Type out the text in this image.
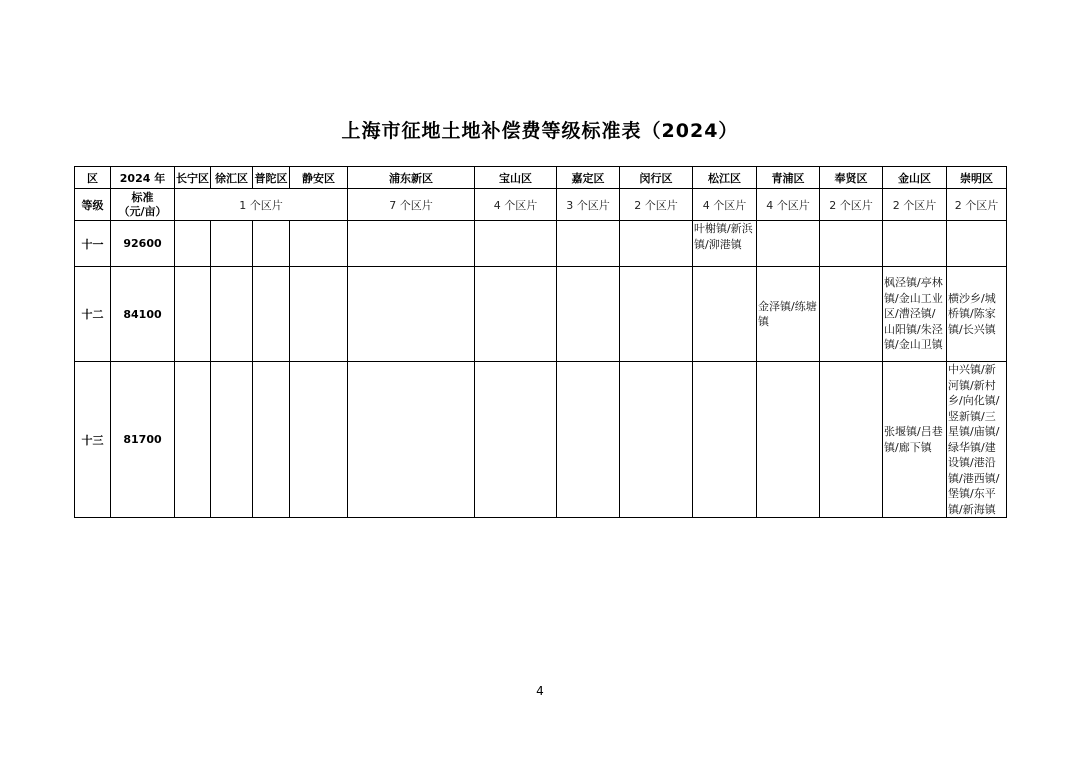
上海市征地土地补偿费等级标准表（2024）
区	2024 年	长宁区	徐汇区	普陀区	静安区	浦东新区	宝山区	嘉定区	闵行区	松江区	青浦区	奉贤区	金山区	崇明区
等级	标准
（元/亩）	1 个区片				7 个区片	4 个区片	3 个区片	2 个区片	4 个区片	4 个区片	2 个区片	2 个区片	2 个区片
十一	92600									叶榭镇/新浜镇/泖港镇				
十二	84100										金泽镇/练塘镇		枫泾镇/亭林镇/金山工业区/漕泾镇/山阳镇/朱泾镇/金山卫镇	横沙乡/城桥镇/陈家镇/长兴镇
十三	81700												张堰镇/吕巷镇/廊下镇	中兴镇/新河镇/新村乡/向化镇/竖新镇/三星镇/庙镇/绿华镇/建设镇/港沿镇/港西镇/堡镇/东平镇/新海镇
4
